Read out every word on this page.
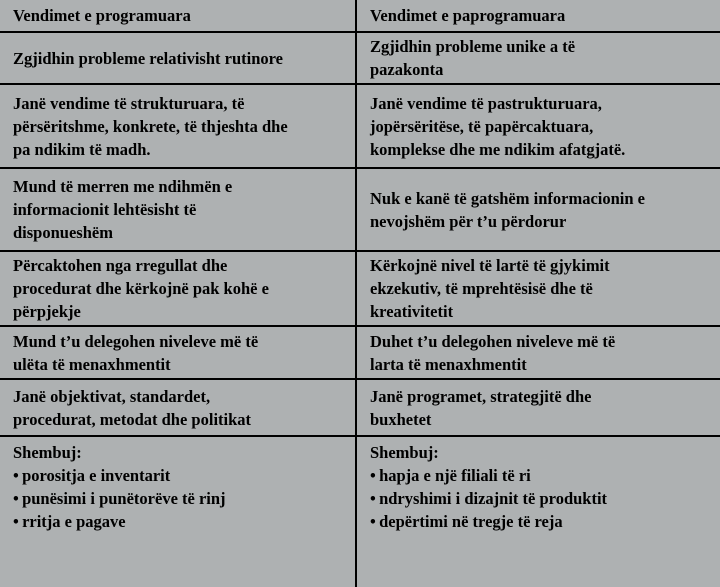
Vendimet e programuara	Vendimet e paprogramuara
Zgjidhin probleme relativisht rutinore
Zgjidhin probleme unike a të
pazakonta
Janë vendime të strukturuara, të
përsëritshme, konkrete, të thjeshta dhe
pa ndikim të madh.
Janë vendime të pastrukturuara,
jopërsëritëse, të papërcaktuara,
komplekse dhe me ndikim afatgjatë.
Mund të merren me ndihmën e
informacionit lehtësisht të
disponueshëm
Nuk e kanë të gatshëm informacionin e
nevojshëm për t’u përdorur
Përcaktohen nga rregullat dhe
procedurat dhe kërkojnë pak kohë e
përpjekje
Kërkojnë nivel të lartë të gjykimit
ekzekutiv, të mprehtësisë dhe të
kreativitetit
Mund t’u delegohen niveleve më të
ulëta të menaxhmentit
Duhet t’u delegohen niveleve më të
larta të menaxhmentit
Janë objektivat, standardet,
procedurat, metodat dhe politikat
Janë programet, strategjitë dhe
buxhetet
Shembuj:
• porositja e inventarit
• punësimi i punëtorëve të rinj
• rritja e pagave
Shembuj:
• hapja e një filiali të ri
• ndryshimi i dizajnit të produktit
• depërtimi në tregje të reja
